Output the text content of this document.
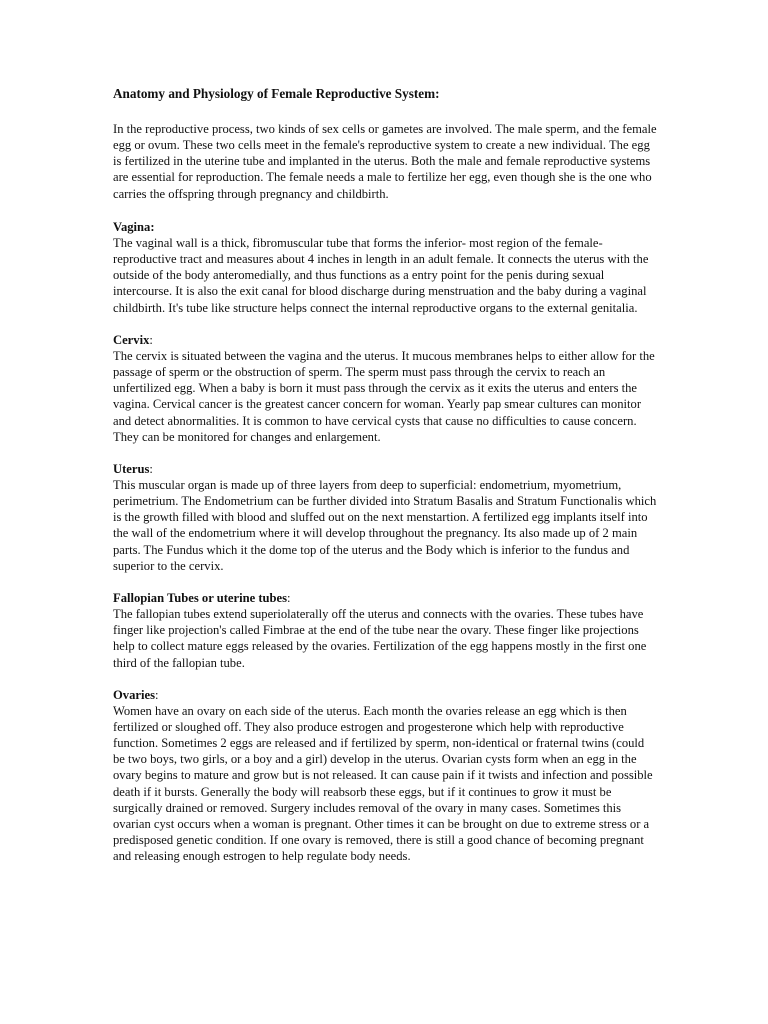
Anatomy and Physiology of Female Reproductive System:

In the reproductive process, two kinds of sex cells or gametes are involved. The male sperm, and the female egg or ovum. These two cells meet in the female's reproductive system to create a new individual. The egg is fertilized in the uterine tube and implanted in the uterus. Both the male and female reproductive systems are essential for reproduction. The female needs a male to fertilize her egg, even though she is the one who carries the offspring through pregnancy and childbirth.

Vagina:

The vaginal wall is a thick, fibromuscular tube that forms the inferior- most region of the female-reproductive tract and measures about 4 inches in length in an adult female. It connects the uterus with the outside of the body anteromedially, and thus functions as a entry point for the penis during sexual intercourse. It is also the exit canal for blood discharge during menstruation and the baby during a vaginal childbirth. It's tube like structure helps connect the internal reproductive organs to the external genitalia.

Cervix:

The cervix is situated between the vagina and the uterus. It mucous membranes helps to either allow for the passage of sperm or the obstruction of sperm. The sperm must pass through the cervix to reach an unfertilized egg. When a baby is born it must pass through the cervix as it exits the uterus and enters the vagina. Cervical cancer is the greatest cancer concern for woman. Yearly pap smear cultures can monitor and detect abnormalities. It is common to have cervical cysts that cause no difficulties to cause concern. They can be monitored for changes and enlargement.

Uterus:

This muscular organ is made up of three layers from deep to superficial: endometrium, myometrium, perimetrium. The Endometrium can be further divided into Stratum Basalis and Stratum Functionalis which is the growth filled with blood and sluffed out on the next menstartion. A fertilized egg implants itself into the wall of the endometrium where it will develop throughout the pregnancy. Its also made up of 2 main parts. The Fundus which it the dome top of the uterus and the Body which is inferior to the fundus and superior to the cervix.

Fallopian Tubes or uterine tubes:

The fallopian tubes extend superiolaterally off the uterus and connects with the ovaries. These tubes have finger like projection's called Fimbrae at the end of the tube near the ovary. These finger like projections help to collect mature eggs released by the ovaries. Fertilization of the egg happens mostly in the first one third of the fallopian tube.

Ovaries:

Women have an ovary on each side of the uterus. Each month the ovaries release an egg which is then fertilized or sloughed off. They also produce estrogen and progesterone which help with reproductive function. Sometimes 2 eggs are released and if fertilized by sperm, non-identical or fraternal twins (could be two boys, two girls, or a boy and a girl) develop in the uterus. Ovarian cysts form when an egg in the ovary begins to mature and grow but is not released. It can cause pain if it twists and infection and possible death if it bursts. Generally the body will reabsorb these eggs, but if it continues to grow it must be surgically drained or removed. Surgery includes removal of the ovary in many cases. Sometimes this ovarian cyst occurs when a woman is pregnant. Other times it can be brought on due to extreme stress or a predisposed genetic condition. If one ovary is removed, there is still a good chance of becoming pregnant and releasing enough estrogen to help regulate body needs.
